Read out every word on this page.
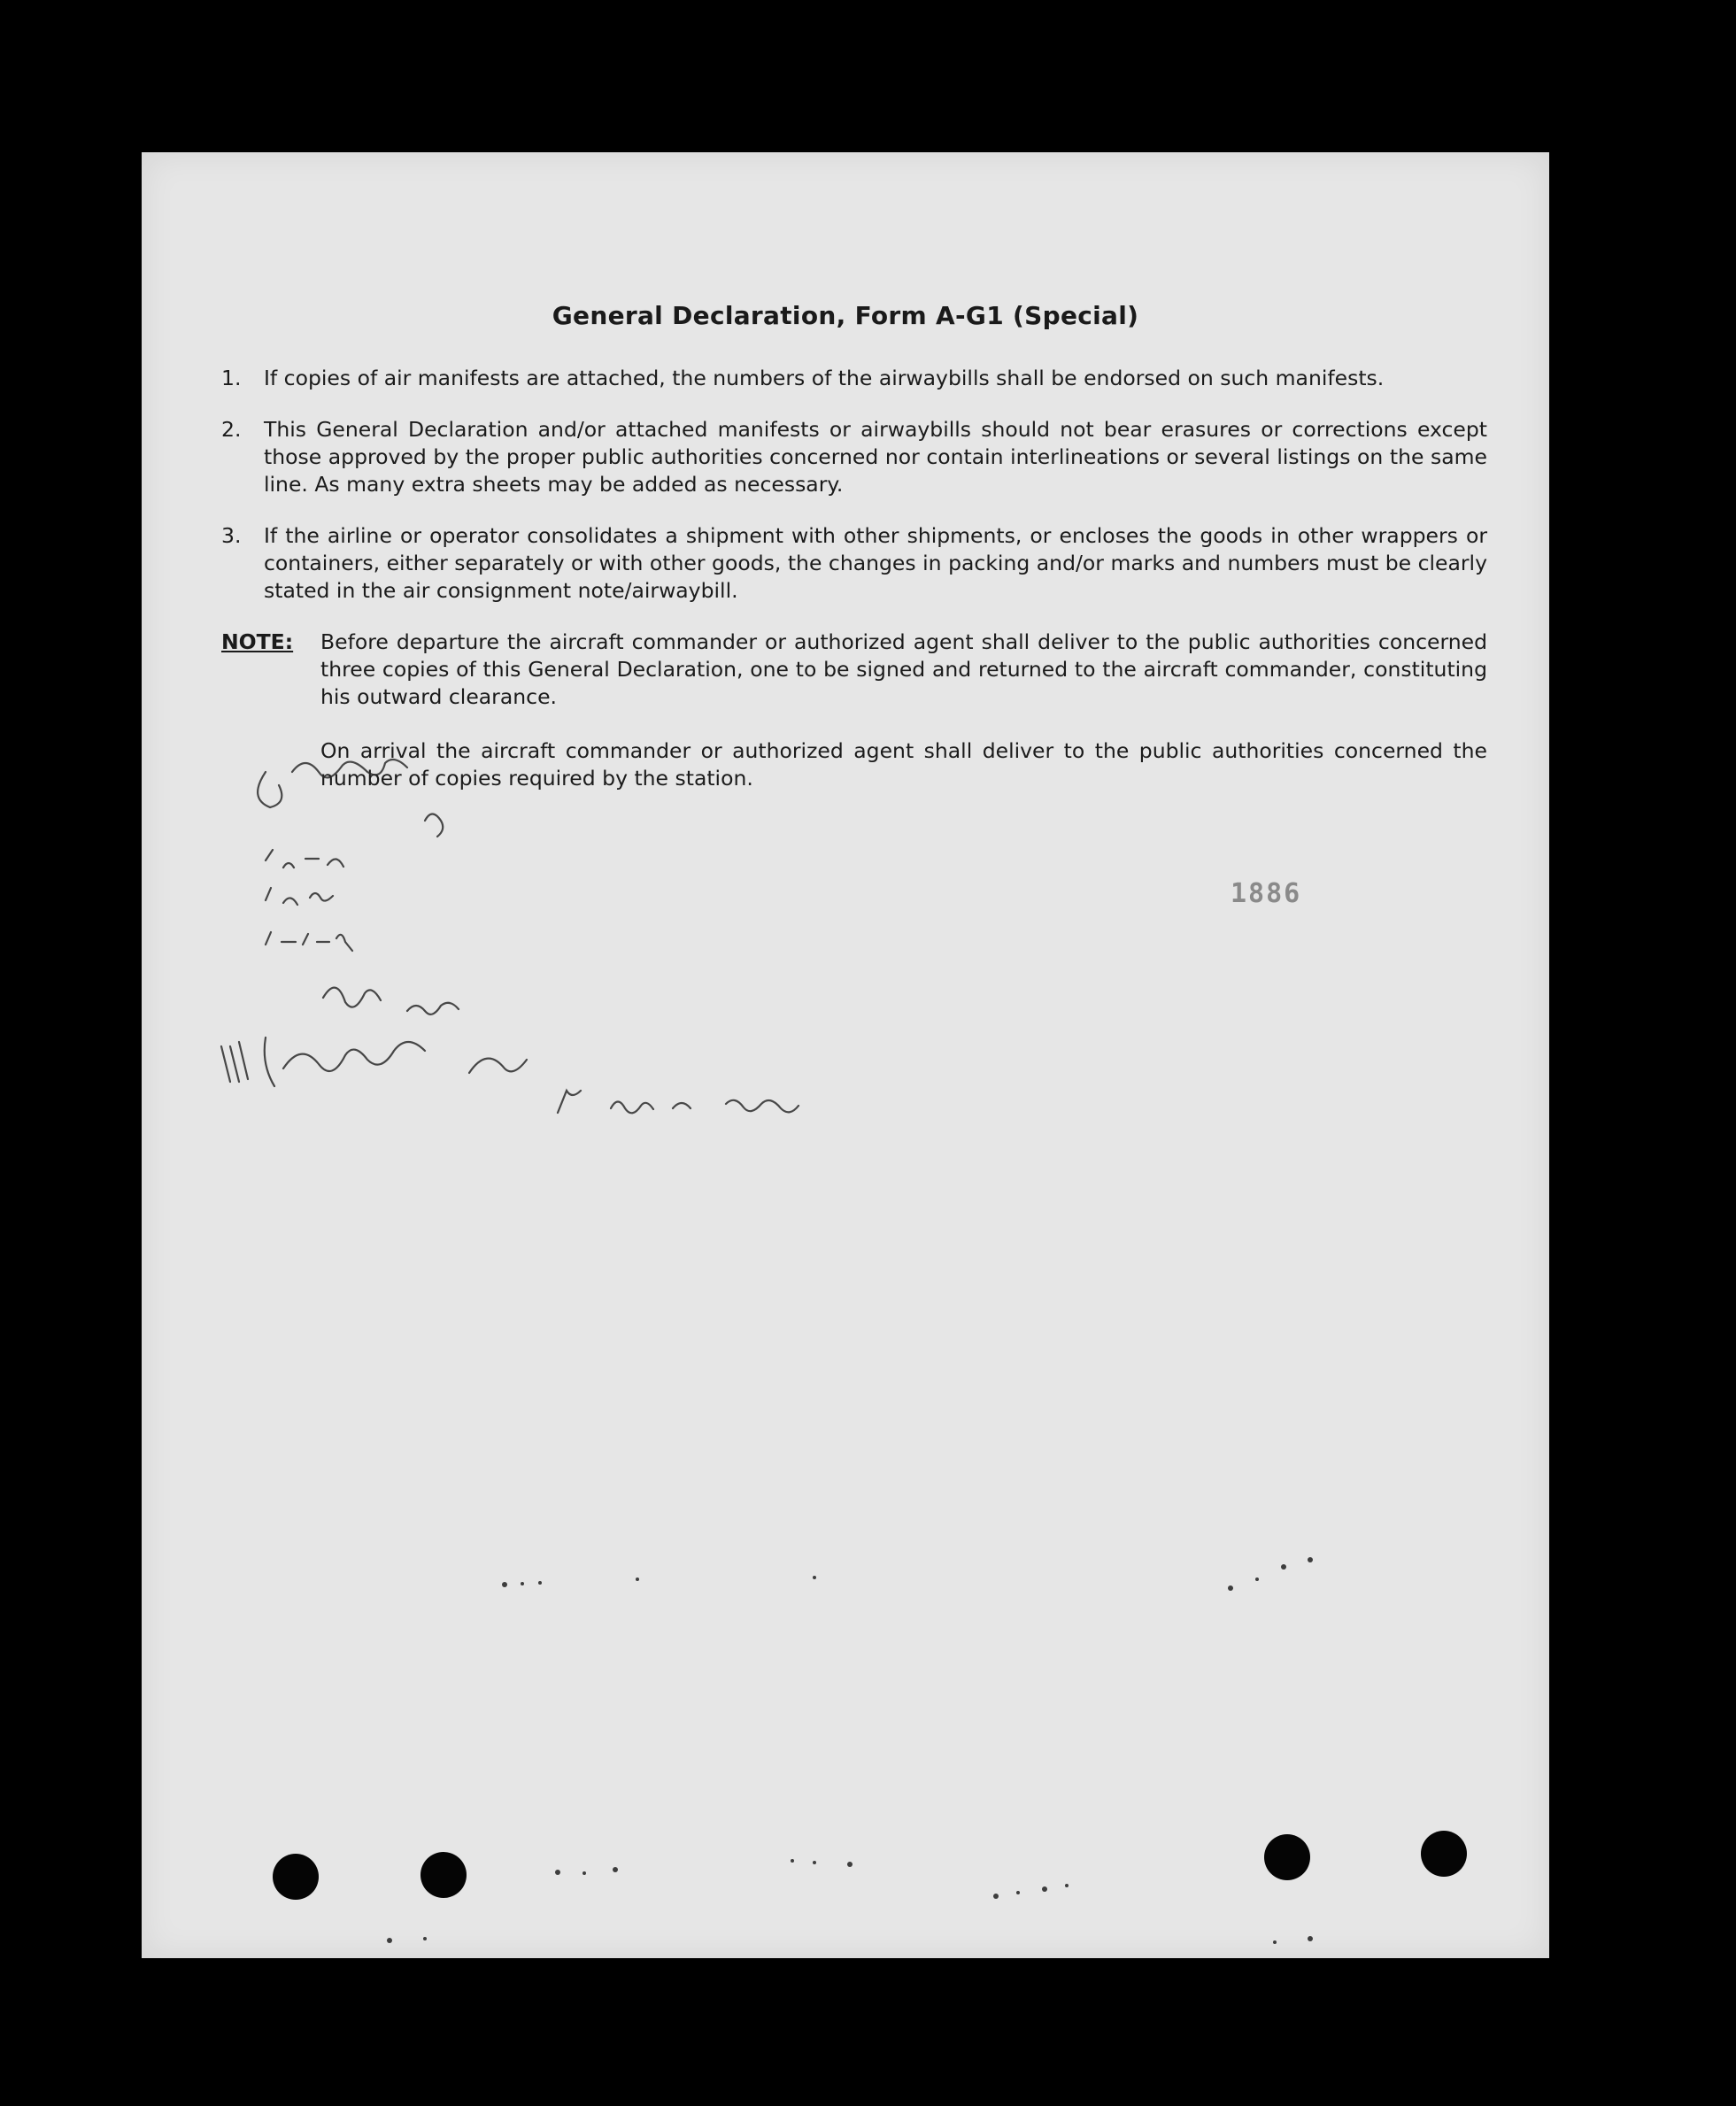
General Declaration, Form A-G1 (Special)
1.	If copies of air manifests are attached, the numbers of the airwaybills shall be endorsed on such manifests.
2.	This General Declaration and/or attached manifests or airwaybills should not bear erasures or corrections except those approved by the proper public authorities concerned nor contain interlineations or several listings on the same line. As many extra sheets may be added as necessary.
3.	If the airline or operator consolidates a shipment with other shipments, or encloses the goods in other wrappers or containers, either separately or with other goods, the changes in packing and/or marks and numbers must be clearly stated in the air consignment note/airwaybill.
NOTE:	Before departure the aircraft commander or authorized agent shall deliver to the public authorities concerned three copies of this General Declaration, one to be signed and returned to the aircraft commander, constituting his outward clearance.
On arrival the aircraft commander or authorized agent shall deliver to the public authorities concerned the number of copies required by the station.
1886
